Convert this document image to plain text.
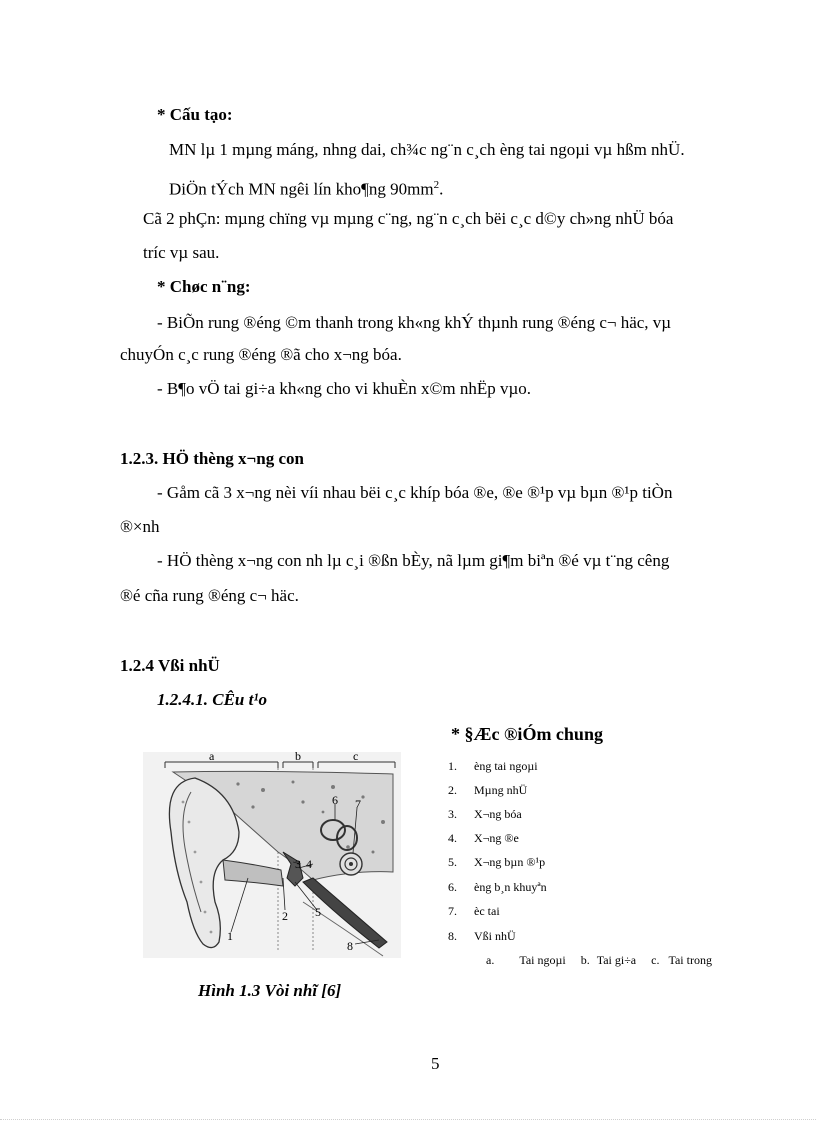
* Cấu tạo:
MN lµ 1 mµng máng, nhng dai, ch¾c ng¨n c¸ch èng tai ngoµi vµ hßm nhÜ.
DiÖn tÝch MN ngêi lín kho¶ng $90mm^2$.
Cã 2 phÇn: mµng chïng vµ mµng c¨ng, ng¨n c¸ch bëi c¸c d©y ch»ng nhÜ bóa
tríc vµ sau.
* Chøc n¨ng:
- BiÕn rung ®éng ©m thanh trong kh«ng khÝ thµnh rung ®éng c¬ häc, vµ
chuyÓn c¸c rung ®éng ®ã cho x¬ng bóa.
- B¶o vÖ tai gi÷a kh«ng cho vi khuÈn x©m nhËp vµo.
1.2.3. HÖ thèng x¬ng con
- Gåm cã 3 x¬ng nèi víi nhau bëi c¸c khíp bóa ®e, ®e ®¹p vµ bµn ®¹p tiÒn
®×nh
- HÖ thèng x¬ng con nh lµ c¸i ®ßn bÈy, nã lµm gi¶m biªn ®é vµ t¨ng cêng
®é cña rung ®éng c¬ häc.
1.2.4 Vßi nhÜ
1.2.4.1. CÊu t¹o
a	b	c
1
2
3 4
5
6 7
8
Hình 1.3 Vòi nhĩ [6]
* §Æc ®iÓm chung
1.	èng tai ngoµi
2.	Mµng nhÜ
3.	X¬ng bóa
4.	X¬ng ®e
5.	X¬ng bµn ®¹p
6.	èng b¸n khuyªn
7.	èc tai
8.	Vßi nhÜ
a. Tai ngoµi b. Tai gi÷a c. Tai trong
5
